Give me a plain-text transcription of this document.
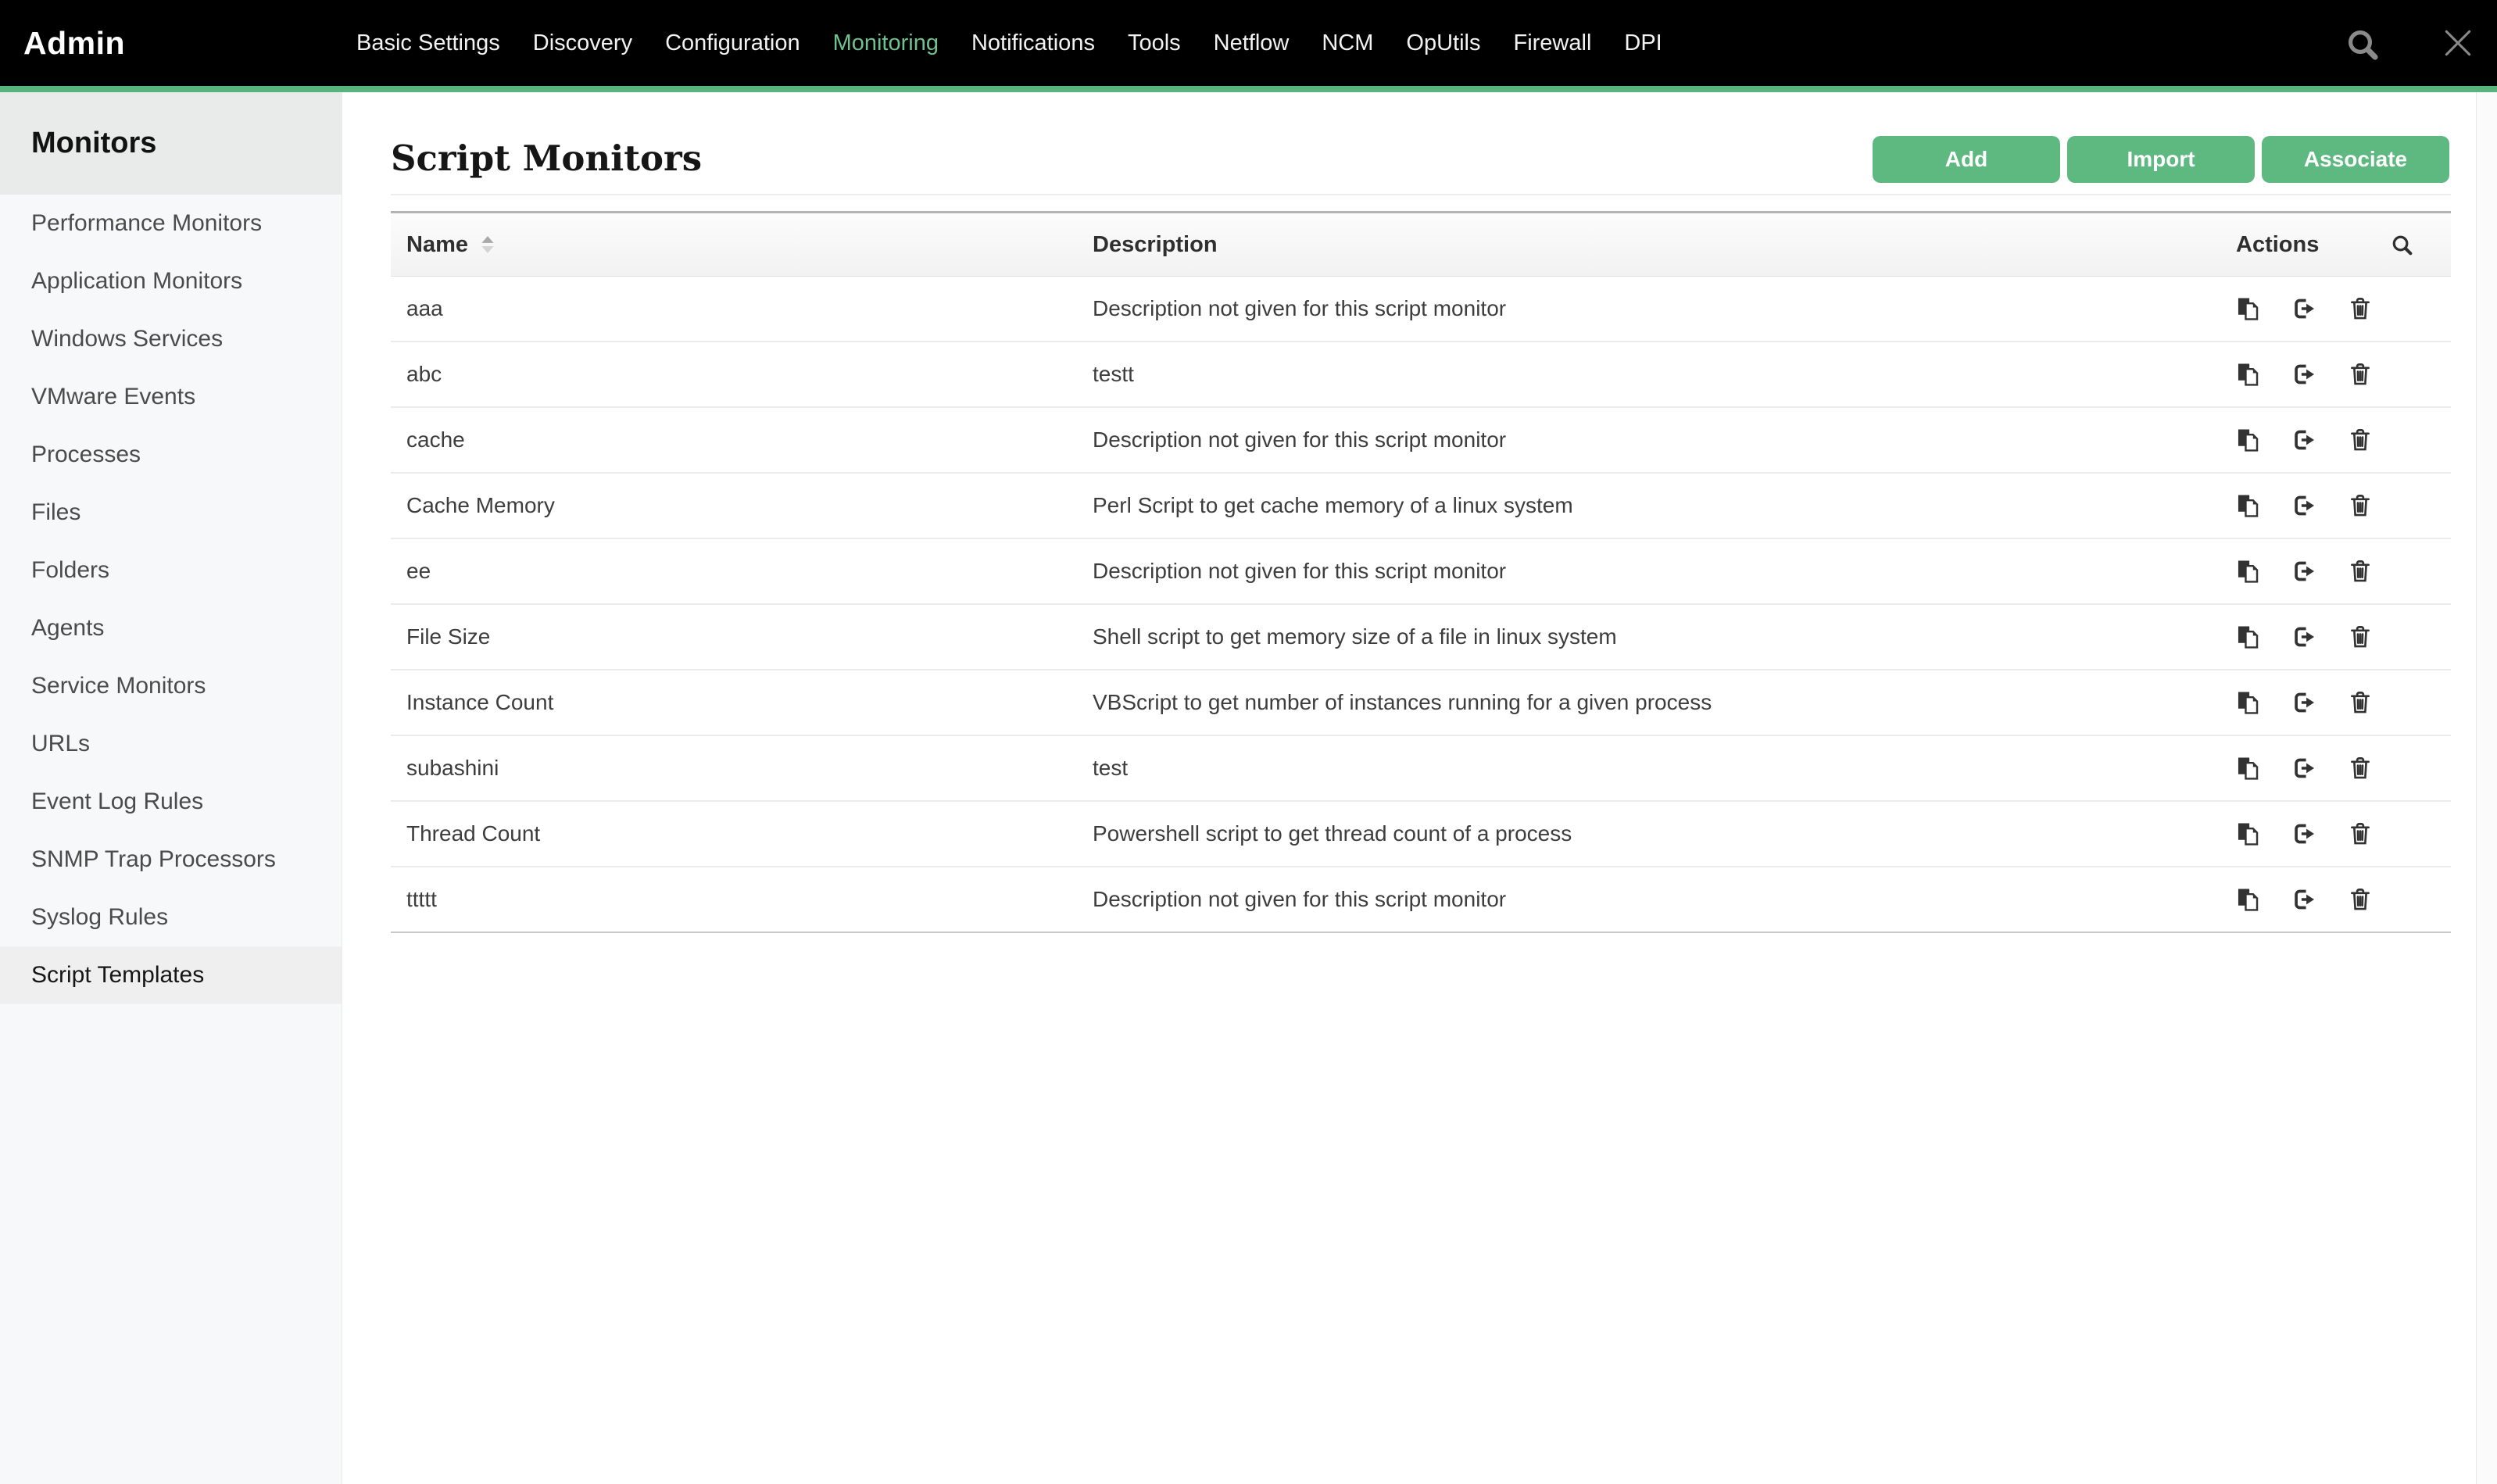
Admin	Basic Settings Discovery Configuration Monitoring Notifications Tools Netflow NCM OpUtils Firewall DPI
Monitors
Performance Monitors
Application Monitors
Windows Services
VMware Events
Processes
Files
Folders
Agents
Service Monitors
URLs
Event Log Rules
SNMP Trap Processors
Syslog Rules
Script Templates
Script Monitors	Add	Import	Associate
Name	Description	Actions
aaa	Description not given for this script monitor
abc	testt
cache	Description not given for this script monitor
Cache Memory	Perl Script to get cache memory of a linux system
ee	Description not given for this script monitor
File Size	Shell script to get memory size of a file in linux system
Instance Count	VBScript to get number of instances running for a given process
subashini	test
Thread Count	Powershell script to get thread count of a process
ttttt	Description not given for this script monitor
